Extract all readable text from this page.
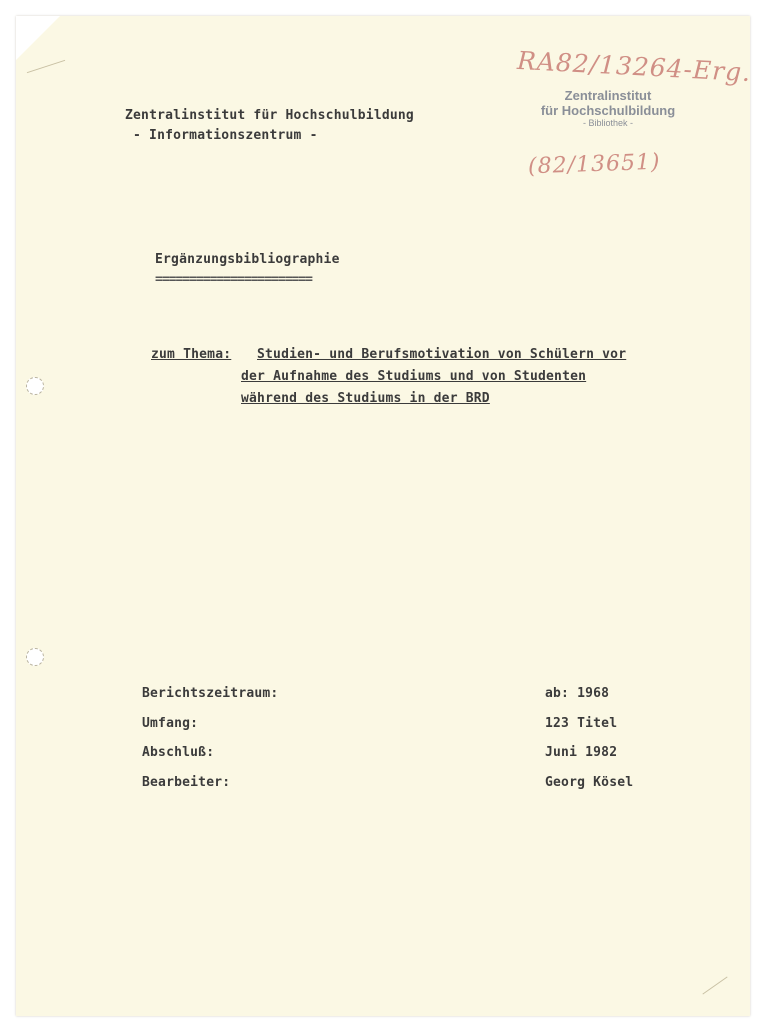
Zentralinstitut für Hochschulbildung
- Informationszentrum -
RA82/13264-Erg.
Zentralinstitut
für Hochschulbildung
- Bibliothek -
(82/13651)
Ergänzungsbibliographie
=======================
zum Thema: Studien- und Berufsmotivation von Schülern vor
der Aufnahme des Studiums und von Studenten
während des Studiums in der BRD
Berichtszeitraum:	ab: 1968
Umfang:	123 Titel
Abschluß:	Juni 1982
Bearbeiter:	Georg Kösel
